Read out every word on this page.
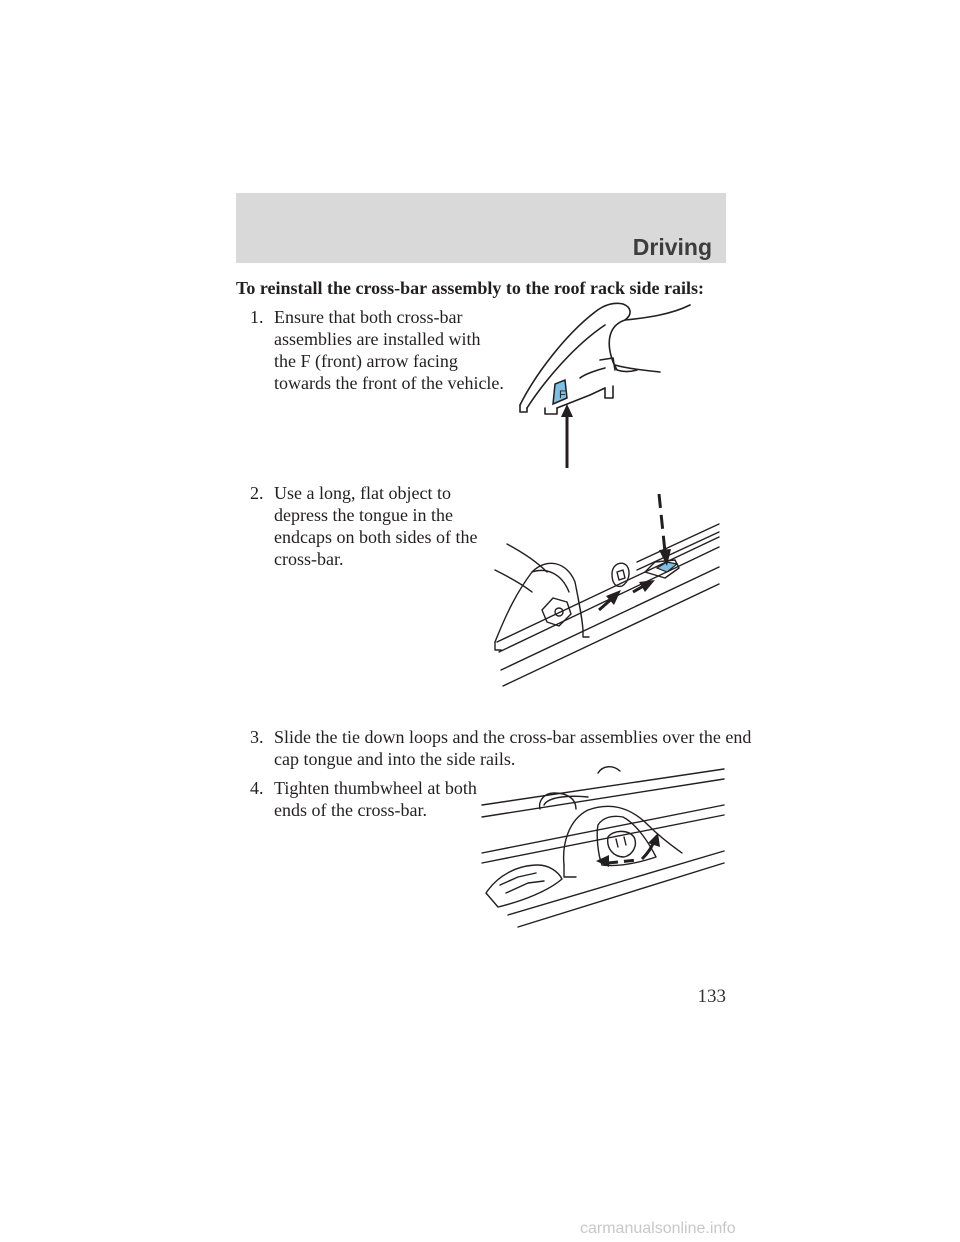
Driving

To reinstall the cross-bar assembly to the roof rack side rails:

1. Ensure that both cross-bar assemblies are installed with the F (front) arrow facing towards the front of the vehicle.

F

2. Use a long, flat object to depress the tongue in the endcaps on both sides of the cross-bar.

3. Slide the tie down loops and the cross-bar assemblies over the end cap tongue and into the side rails.

4. Tighten thumbwheel at both ends of the cross-bar.

133

carmanualsonline.info
